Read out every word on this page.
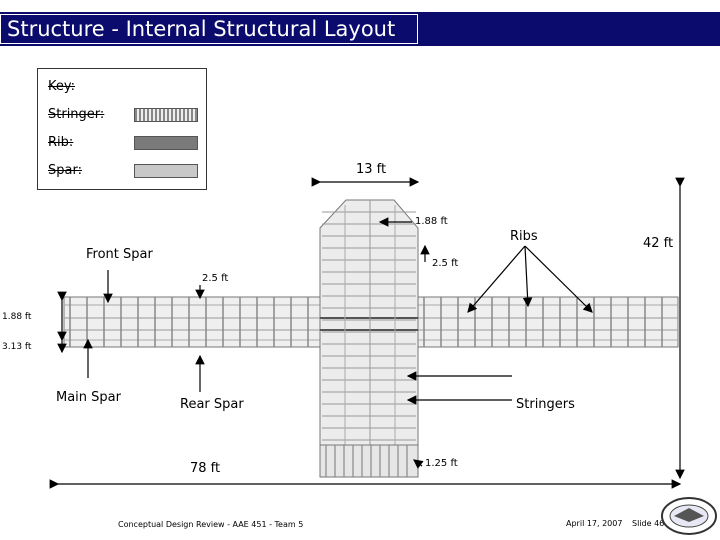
Structure - Internal Structural Layout
Key:
Stringer:
Rib:
Spar:	13 ft
1.88 ft
2.5 ft
Front Spar
Ribs	42 ft
2.5 ft
1.88 ft
3.13 ft
Main Spar	Rear Spar	Stringers
78 ft	1.25 ft
Conceptual Design Review - AAE 451 - Team 5	April 17, 2007 Slide 46
